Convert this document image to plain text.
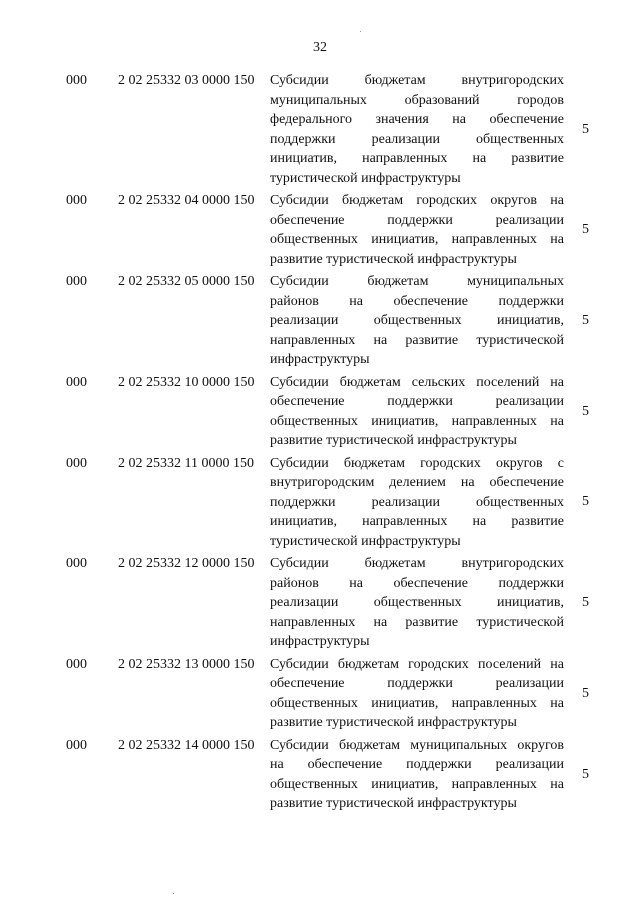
32
000 2 02 25332 03 0000 150 Субсидии бюджетам внутригородских
муниципальных образований городов
федерального значения на обеспечение
поддержки реализации общественных
инициатив, направленных на развитие
туристической инфраструктуры
5
000 2 02 25332 04 0000 150 Субсидии бюджетам городских округов на
обеспечение поддержки реализации
общественных инициатив, направленных на
развитие туристической инфраструктуры
5
000 2 02 25332 05 0000 150 Субсидии бюджетам муниципальных
районов на обеспечение поддержки
реализации общественных инициатив,
направленных на развитие туристической
инфраструктуры
5
000 2 02 25332 10 0000 150 Субсидии бюджетам сельских поселений на
обеспечение поддержки реализации
общественных инициатив, направленных на
развитие туристической инфраструктуры
5
000 2 02 25332 11 0000 150 Субсидии бюджетам городских округов с
внутригородским делением на обеспечение
поддержки реализации общественных
инициатив, направленных на развитие
туристической инфраструктуры
5
000 2 02 25332 12 0000 150 Субсидии бюджетам внутригородских
районов на обеспечение поддержки
реализации общественных инициатив,
направленных на развитие туристической
инфраструктуры
5
000 2 02 25332 13 0000 150 Субсидии бюджетам городских поселений на
обеспечение поддержки реализации
общественных инициатив, направленных на
развитие туристической инфраструктуры
5
000 2 02 25332 14 0000 150 Субсидии бюджетам муниципальных округов
на обеспечение поддержки реализации
общественных инициатив, направленных на
развитие туристической инфраструктуры
5
